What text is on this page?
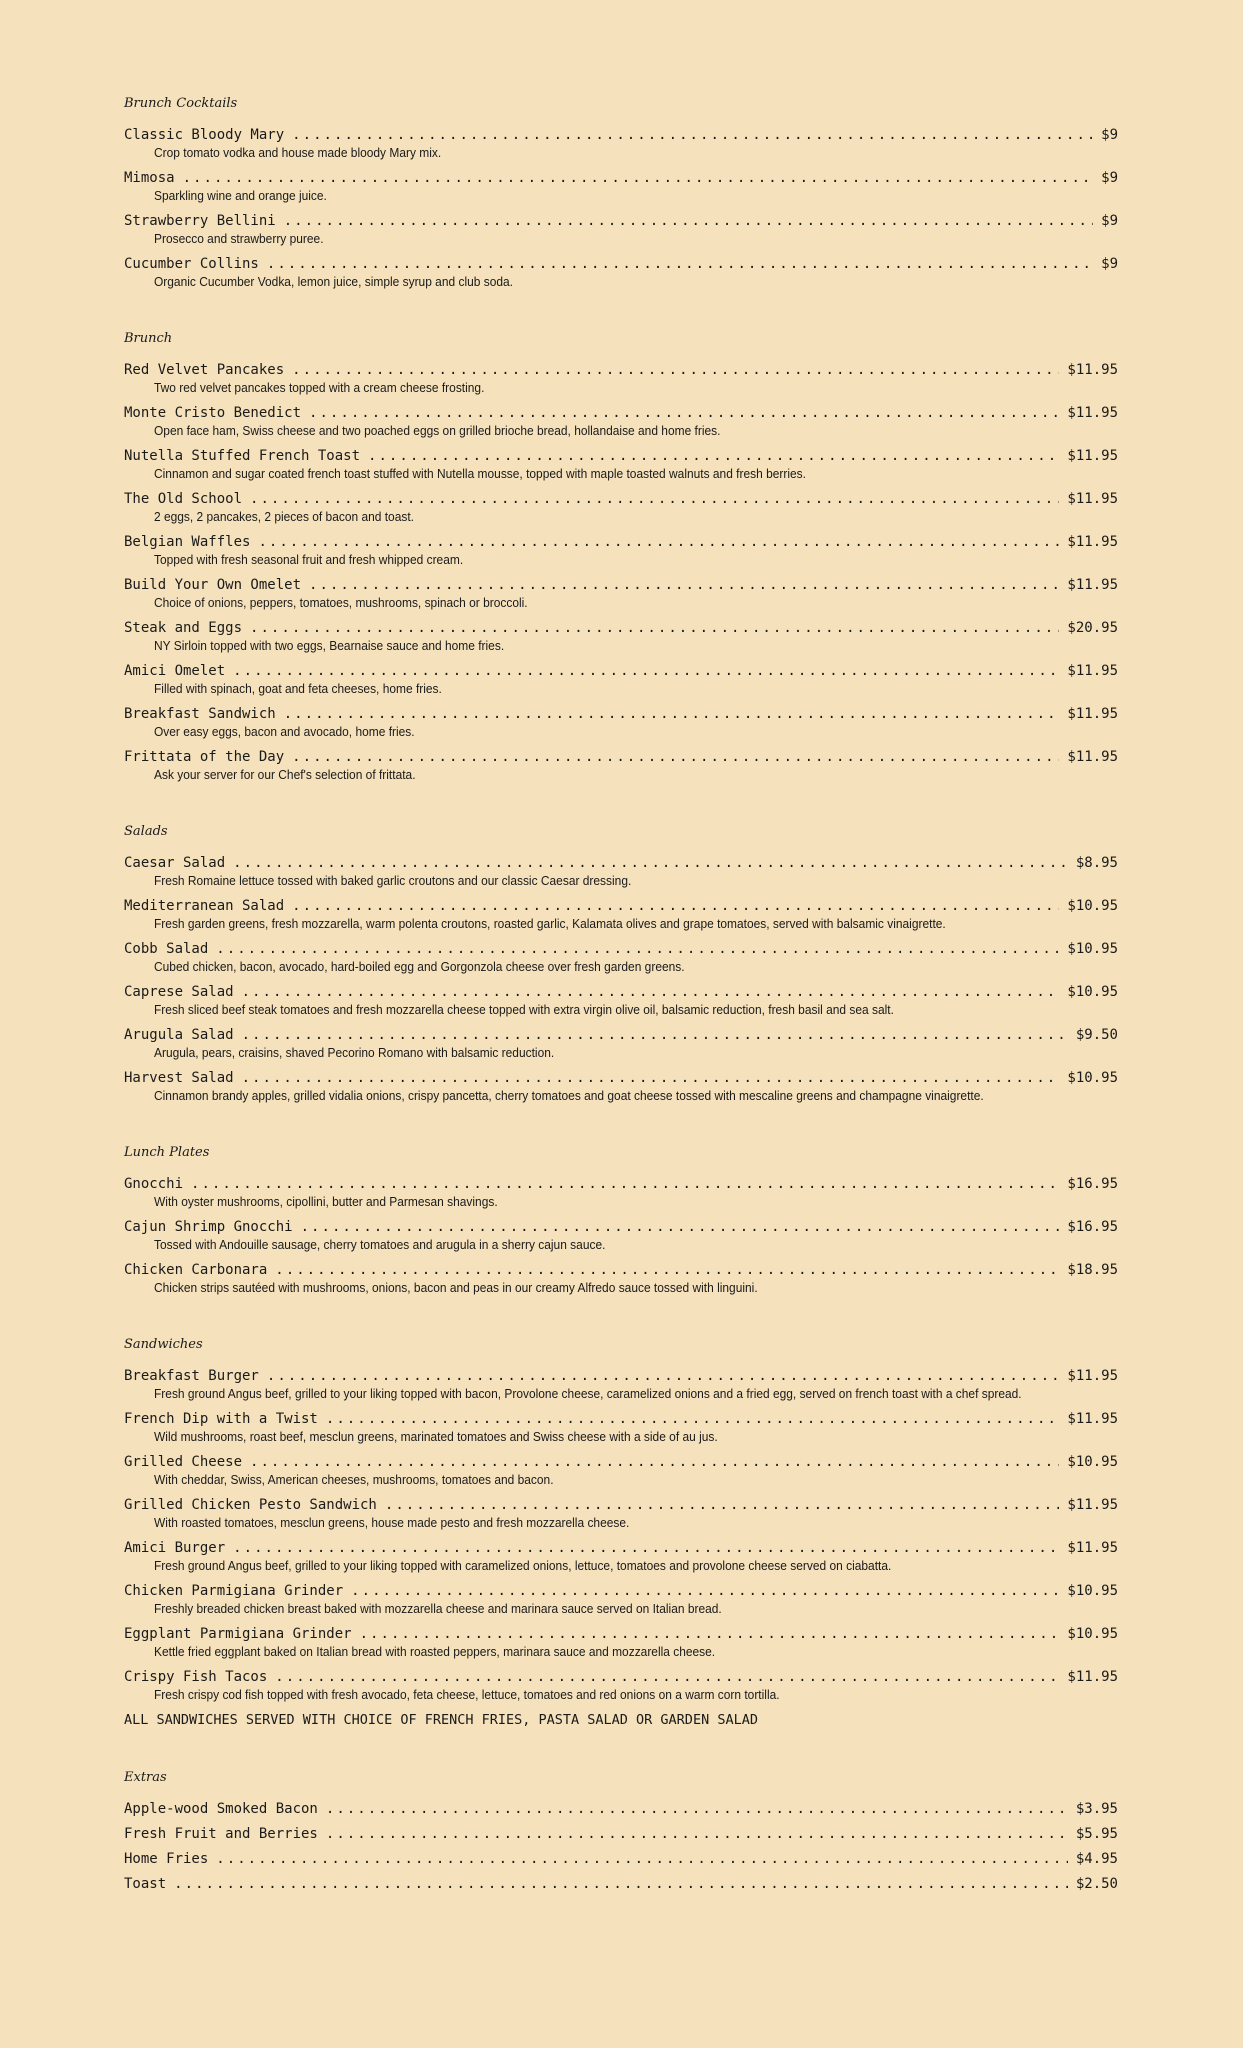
Brunch Cocktails
Classic Bloody Mary . . .	$9
Crop tomato vodka and house made bloody Mary mix.
Mimosa . . .	$9
Sparkling wine and orange juice.
Strawberry Bellini . . .	$9
Prosecco and strawberry puree.
Cucumber Collins . . .	$9
Organic Cucumber Vodka, lemon juice, simple syrup and club soda.
Brunch
Red Velvet Pancakes . . .	$11.95
Two red velvet pancakes topped with a cream cheese frosting.
Monte Cristo Benedict . . .	$11.95
Open face ham, Swiss cheese and two poached eggs on grilled brioche bread, hollandaise and home fries.
Nutella Stuffed French Toast . . .	$11.95
Cinnamon and sugar coated french toast stuffed with Nutella mousse, topped with maple toasted walnuts and fresh berries.
The Old School . . .	$11.95
2 eggs, 2 pancakes, 2 pieces of bacon and toast.
Belgian Waffles . . .	$11.95
Topped with fresh seasonal fruit and fresh whipped cream.
Build Your Own Omelet . . .	$11.95
Choice of onions, peppers, tomatoes, mushrooms, spinach or broccoli.
Steak and Eggs . . .	$20.95
NY Sirloin topped with two eggs, Bearnaise sauce and home fries.
Amici Omelet . . .	$11.95
Filled with spinach, goat and feta cheeses, home fries.
Breakfast Sandwich . . .	$11.95
Over easy eggs, bacon and avocado, home fries.
Frittata of the Day . . .	$11.95
Ask your server for our Chef's selection of frittata.
Salads
Caesar Salad . . .	$8.95
Fresh Romaine lettuce tossed with baked garlic croutons and our classic Caesar dressing.
Mediterranean Salad . . .	$10.95
Fresh garden greens, fresh mozzarella, warm polenta croutons, roasted garlic, Kalamata olives and grape tomatoes, served with balsamic vinaigrette.
Cobb Salad . . .	$10.95
Cubed chicken, bacon, avocado, hard-boiled egg and Gorgonzola cheese over fresh garden greens.
Caprese Salad . . .	$10.95
Fresh sliced beef steak tomatoes and fresh mozzarella cheese topped with extra virgin olive oil, balsamic reduction, fresh basil and sea salt.
Arugula Salad . . .	$9.50
Arugula, pears, craisins, shaved Pecorino Romano with balsamic reduction.
Harvest Salad . . .	$10.95
Cinnamon brandy apples, grilled vidalia onions, crispy pancetta, cherry tomatoes and goat cheese tossed with mescaline greens and champagne vinaigrette.
Lunch Plates
Gnocchi . . .	$16.95
With oyster mushrooms, cipollini, butter and Parmesan shavings.
Cajun Shrimp Gnocchi . . .	$16.95
Tossed with Andouille sausage, cherry tomatoes and arugula in a sherry cajun sauce.
Chicken Carbonara . . .	$18.95
Chicken strips sautéed with mushrooms, onions, bacon and peas in our creamy Alfredo sauce tossed with linguini.
Sandwiches
Breakfast Burger . . .	$11.95
Fresh ground Angus beef, grilled to your liking topped with bacon, Provolone cheese, caramelized onions and a fried egg, served on french toast with a chef spread.
French Dip with a Twist . . .	$11.95
Wild mushrooms, roast beef, mesclun greens, marinated tomatoes and Swiss cheese with a side of au jus.
Grilled Cheese . . .	$10.95
With cheddar, Swiss, American cheeses, mushrooms, tomatoes and bacon.
Grilled Chicken Pesto Sandwich . . .	$11.95
With roasted tomatoes, mesclun greens, house made pesto and fresh mozzarella cheese.
Amici Burger . . .	$11.95
Fresh ground Angus beef, grilled to your liking topped with caramelized onions, lettuce, tomatoes and provolone cheese served on ciabatta.
Chicken Parmigiana Grinder . . .	$10.95
Freshly breaded chicken breast baked with mozzarella cheese and marinara sauce served on Italian bread.
Eggplant Parmigiana Grinder . . .	$10.95
Kettle fried eggplant baked on Italian bread with roasted peppers, marinara sauce and mozzarella cheese.
Crispy Fish Tacos . . .	$11.95
Fresh crispy cod fish topped with fresh avocado, feta cheese, lettuce, tomatoes and red onions on a warm corn tortilla.
ALL SANDWICHES SERVED WITH CHOICE OF FRENCH FRIES, PASTA SALAD OR GARDEN SALAD
Extras
Apple-wood Smoked Bacon . . .	$3.95
Fresh Fruit and Berries . . .	$5.95
Home Fries . . .	$4.95
Toast . . .	$2.50
